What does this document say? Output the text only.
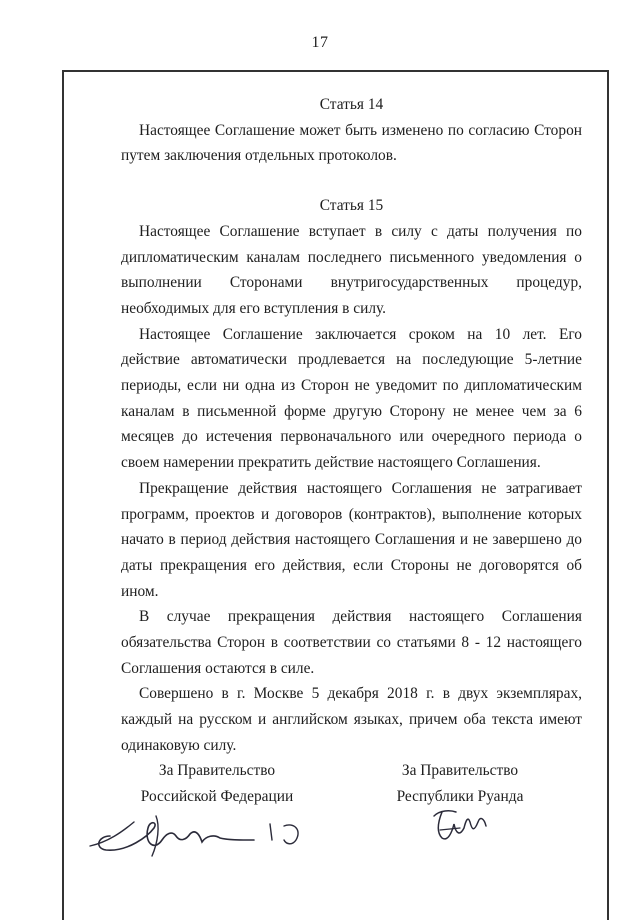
17

Статья 14

Настоящее Соглашение может быть изменено по согласию Сторон путем заключения отдельных протоколов.

Статья 15

Настоящее Соглашение вступает в силу с даты получения по дипломатическим каналам последнего письменного уведомления о выполнении Сторонами внутригосударственных процедур, необходимых для его вступления в силу.

Настоящее Соглашение заключается сроком на 10 лет. Его действие автоматически продлевается на последующие 5-летние периоды, если ни одна из Сторон не уведомит по дипломатическим каналам в письменной форме другую Сторону не менее чем за 6 месяцев до истечения первоначального или очередного периода о своем намерении прекратить действие настоящего Соглашения.

Прекращение действия настоящего Соглашения не затрагивает программ, проектов и договоров (контрактов), выполнение которых начато в период действия настоящего Соглашения и не завершено до даты прекращения его действия, если Стороны не договорятся об ином.

В случае прекращения действия настоящего Соглашения обязательства Сторон в соответствии со статьями 8 - 12 настоящего Соглашения остаются в силе.

Совершено в г. Москве 5 декабря 2018 г. в двух экземплярах, каждый на русском и английском языках, причем оба текста имеют одинаковую силу.

За Правительство
Российской Федерации
За Правительство
Республики Руанда
